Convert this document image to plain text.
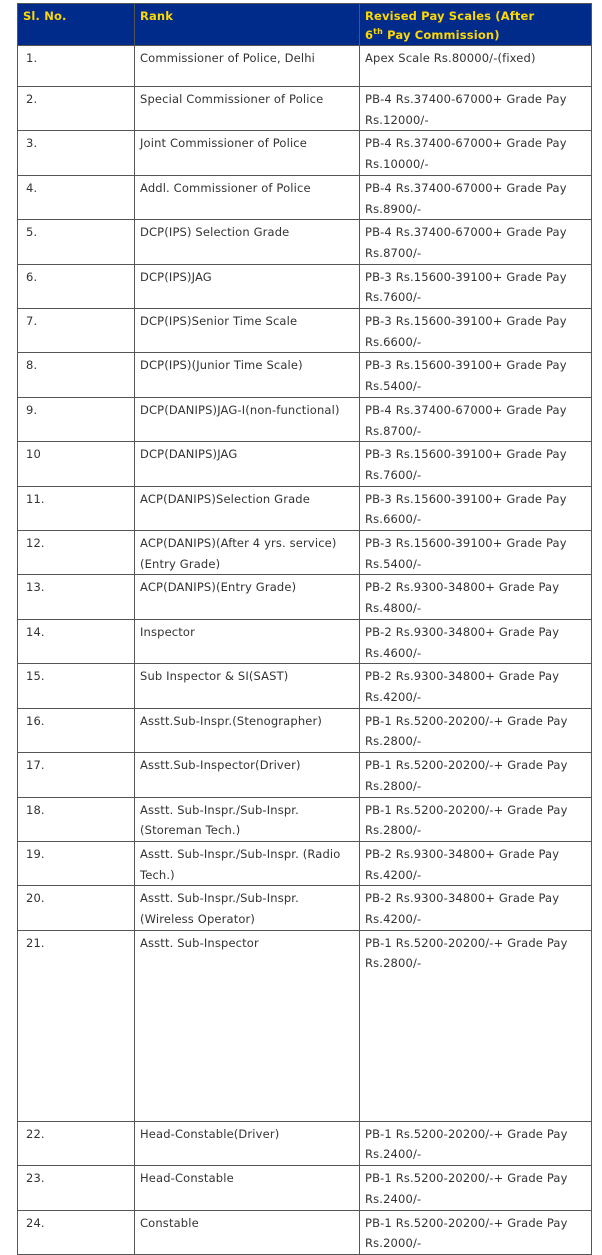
Sl. No.	Rank	Revised Pay Scales (After
6th Pay Commission)
1.	Commissioner of Police, Delhi	Apex Scale Rs.80000/-(fixed)
2.	Special Commissioner of Police	PB-4 Rs.37400-67000+ Grade Pay Rs.12000/-
3.	Joint Commissioner of Police	PB-4 Rs.37400-67000+ Grade Pay Rs.10000/-
4.	Addl. Commissioner of Police	PB-4 Rs.37400-67000+ Grade Pay Rs.8900/-
5.	DCP(IPS) Selection Grade	PB-4 Rs.37400-67000+ Grade Pay Rs.8700/-
6.	DCP(IPS)JAG	PB-3 Rs.15600-39100+ Grade Pay Rs.7600/-
7.	DCP(IPS)Senior Time Scale	PB-3 Rs.15600-39100+ Grade Pay Rs.6600/-
8.	DCP(IPS)(Junior Time Scale)	PB-3 Rs.15600-39100+ Grade Pay Rs.5400/-
9.	DCP(DANIPS)JAG-I(non-functional)	PB-4 Rs.37400-67000+ Grade Pay Rs.8700/-
10	DCP(DANIPS)JAG	PB-3 Rs.15600-39100+ Grade Pay Rs.7600/-
11.	ACP(DANIPS)Selection Grade	PB-3 Rs.15600-39100+ Grade Pay Rs.6600/-
12.	ACP(DANIPS)(After 4 yrs. service) (Entry Grade)	PB-3 Rs.15600-39100+ Grade Pay Rs.5400/-
13.	ACP(DANIPS)(Entry Grade)	PB-2 Rs.9300-34800+ Grade Pay Rs.4800/-
14.	Inspector	PB-2 Rs.9300-34800+ Grade Pay Rs.4600/-
15.	Sub Inspector & SI(SAST)	PB-2 Rs.9300-34800+ Grade Pay Rs.4200/-
16.	Asstt.Sub-Inspr.(Stenographer)	PB-1 Rs.5200-20200/-+ Grade Pay Rs.2800/-
17.	Asstt.Sub-Inspector(Driver)	PB-1 Rs.5200-20200/-+ Grade Pay Rs.2800/-
18.	Asstt. Sub-Inspr./Sub-Inspr. (Storeman Tech.)	PB-1 Rs.5200-20200/-+ Grade Pay Rs.2800/-
19.	Asstt. Sub-Inspr./Sub-Inspr. (Radio Tech.)	PB-2 Rs.9300-34800+ Grade Pay Rs.4200/-
20.	Asstt. Sub-Inspr./Sub-Inspr. (Wireless Operator)	PB-2 Rs.9300-34800+ Grade Pay Rs.4200/-
21.	Asstt. Sub-Inspector	PB-1 Rs.5200-20200/-+ Grade Pay Rs.2800/-
22.	Head-Constable(Driver)	PB-1 Rs.5200-20200/-+ Grade Pay Rs.2400/-
23.	Head-Constable	PB-1 Rs.5200-20200/-+ Grade Pay Rs.2400/-
24.	Constable	PB-1 Rs.5200-20200/-+ Grade Pay Rs.2000/-
